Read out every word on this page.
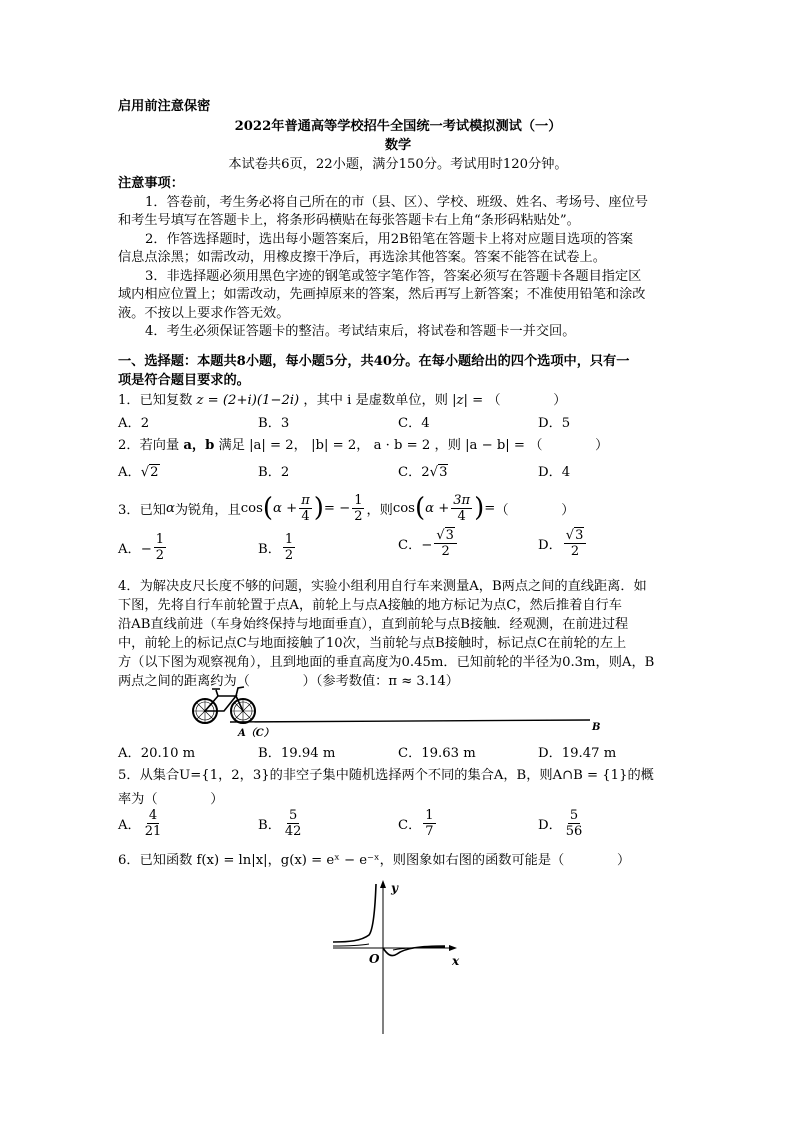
启用前注意保密
2022年普通高等学校招牛全国统一考试模拟测试（一）
数学
本试卷共6页，22小题，满分150分。考试用时120分钟。
注意事项：
1．答卷前，考生务必将自己所在的市（县、区）、学校、班级、姓名、考场号、座位号
和考生号填写在答题卡上，将条形码横贴在每张答题卡右上角“条形码粘贴处”。
2．作答选择题时，选出每小题答案后，用2B铅笔在答题卡上将对应题目选项的答案
信息点涂黑；如需改动，用橡皮擦干净后，再选涂其他答案。答案不能答在试卷上。
3．非选择题必须用黑色字迹的钢笔或签字笔作答，答案必须写在答题卡各题目指定区
域内相应位置上；如需改动，先画掉原来的答案，然后再写上新答案；不准使用铅笔和涂改
液。不按以上要求作答无效。
4．考生必须保证答题卡的整洁。考试结束后，将试卷和答题卡一并交回。
一、选择题：本题共8小题，每小题5分，共40分。在每小题给出的四个选项中，只有一
项是符合题目要求的。
1．已知复数 z = (2+i)(1−2i) ，其中 i 是虚数单位，则 |z| = （　　　　）
A．2	B．3	C．4	D．5
2．若向量 a，b 满足 |a| = 2， |b| = 2， a · b = 2 ，则 |a − b| = （　　　　）
A．√2	B．2	C．2√3	D．4
3．已知 α 为锐角，且 cos ( $\alpha + \frac{\pi}{4}$ ) = − $\frac{1}{2}$ ，则 cos ( $\alpha + \frac{3\pi}{4}$ ) = （　　　　）
A．− $\frac{1}{2}$	B． $\frac{1}{2}$	C．− $\frac{√3}{2}$	D． $\frac{√3}{2}$
4．为解决皮尺长度不够的问题，实验小组利用自行车来测量A，B两点之间的直线距离．如
下图，先将自行车前轮置于点A，前轮上与点A接触的地方标记为点C，然后推着自行车
沿AB直线前进（车身始终保持与地面垂直），直到前轮与点B接触．经观测，在前进过程
中，前轮上的标记点C与地面接触了10次，当前轮与点B接触时，标记点C在前轮的左上
方（以下图为观察视角），且到地面的垂直高度为0.45m．已知前轮的半径为0.3m，则A，B
两点之间的距离约为（　　　　）（参考数值：π ≈ 3.14）
A（C）
B
A．20.10 m	B．19.94 m	C．19.63 m	D．19.47 m
5．从集合U={1，2，3}的非空子集中随机选择两个不同的集合A，B，则A∩B = {1}的概
率为（　　　　）
A． $\frac{4}{21}$	B． $\frac{5}{42}$	C． $\frac{1}{7}$	D． $\frac{5}{56}$
6．已知函数 f(x) = ln|x|，g(x) = eˣ − e⁻ˣ，则图象如右图的函数可能是（　　　　）
y
O	x
